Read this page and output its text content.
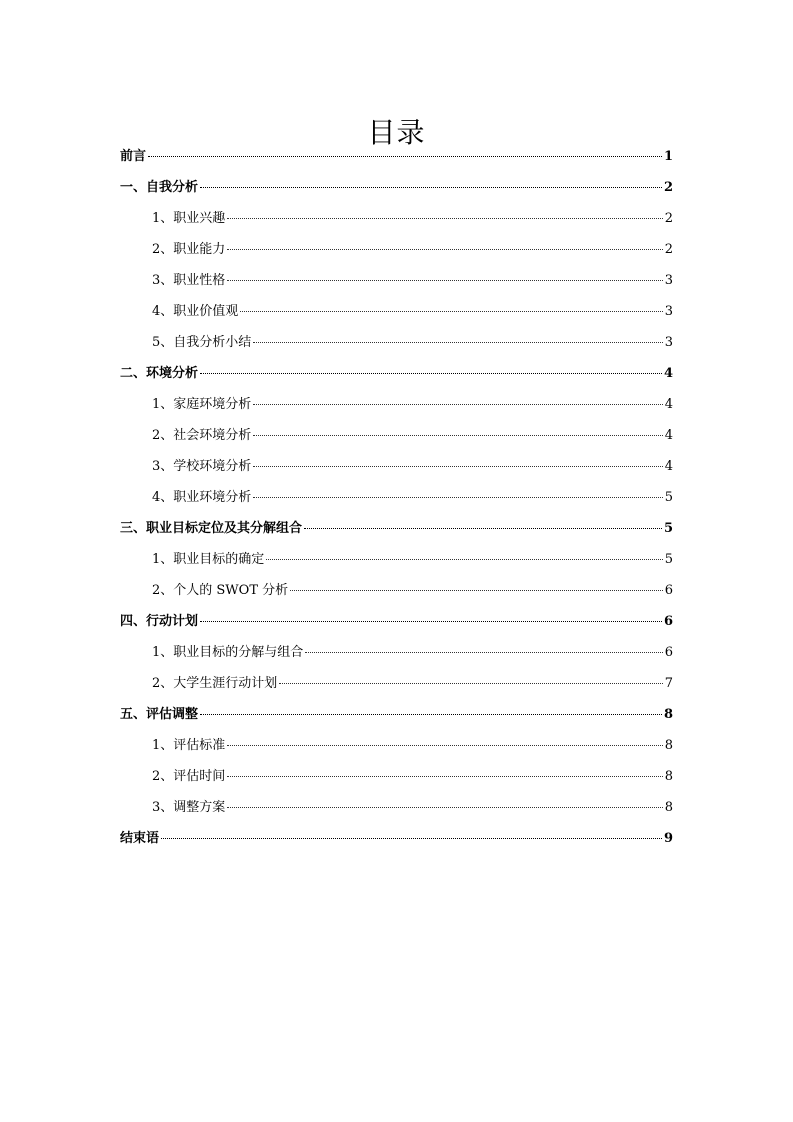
目录
前言	1
一、自我分析	2
1、职业兴趣	2
2、职业能力	2
3、职业性格	3
4、职业价值观	3
5、自我分析小结	3
二、环境分析	4
1、家庭环境分析	4
2、社会环境分析	4
3、学校环境分析	4
4、职业环境分析	5
三、职业目标定位及其分解组合	5
1、职业目标的确定	5
2、个人的 SWOT 分析	6
四、行动计划	6
1、职业目标的分解与组合	6
2、大学生涯行动计划	7
五、评估调整	8
1、评估标准	8
2、评估时间	8
3、调整方案	8
结束语	9
